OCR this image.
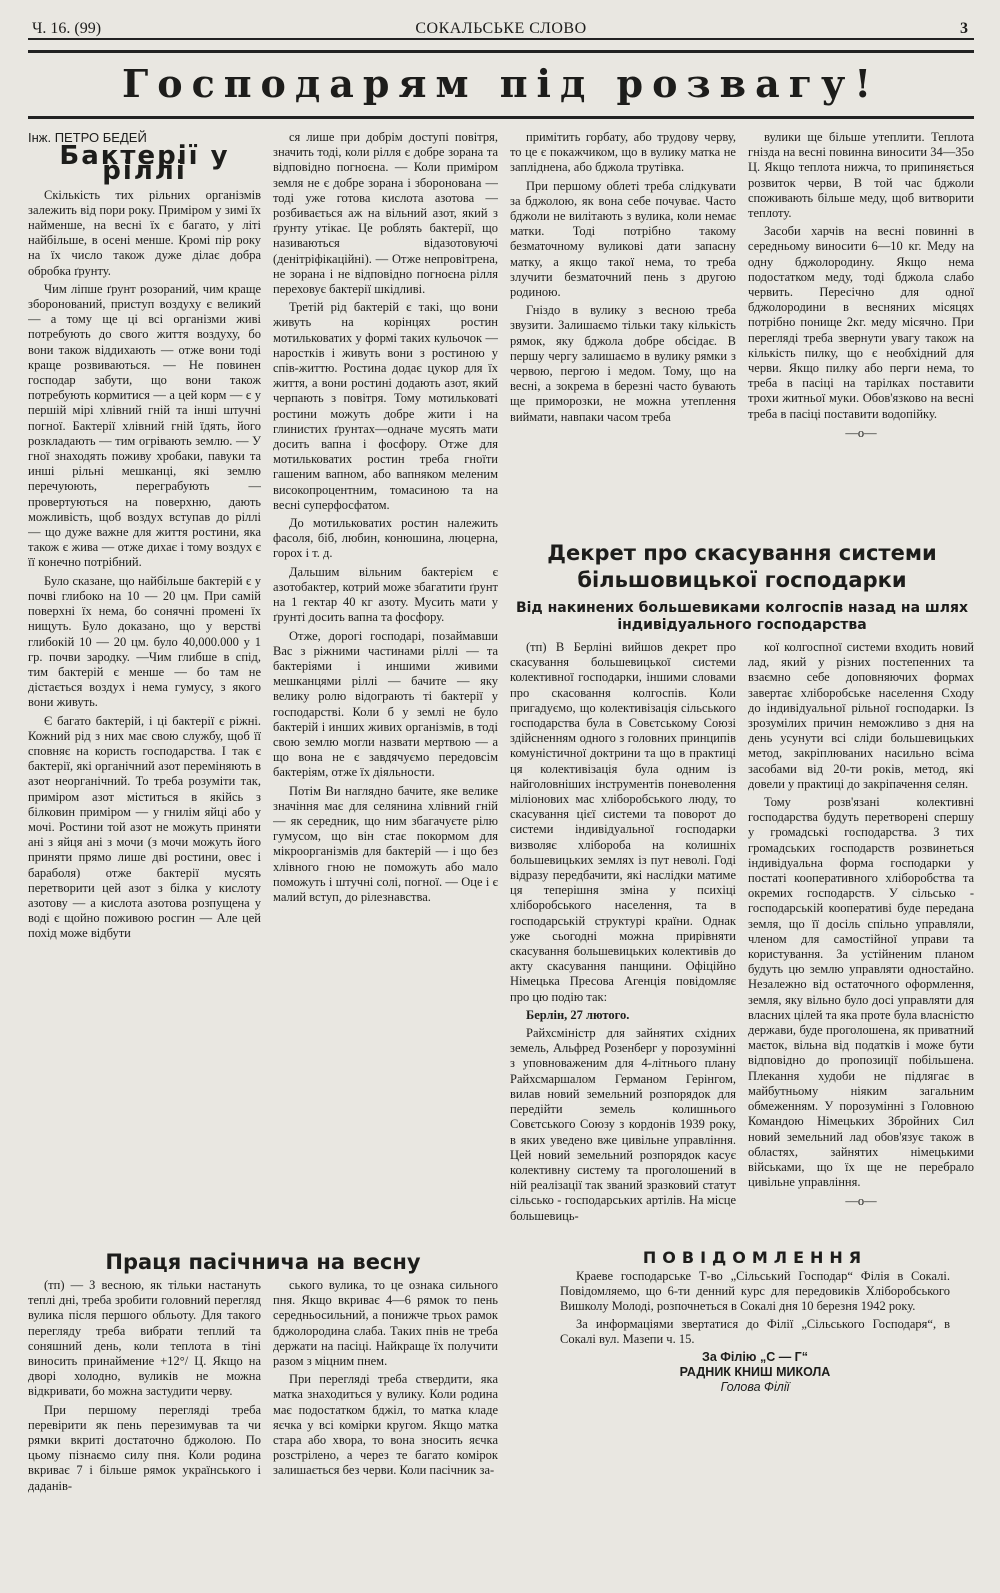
Ч. 16. (99)	СОКАЛЬСЬКЕ СЛОВО	3
Господарям під розвагу!
Інж. ПЕТРО БЕДЕЙ
Бактерії у ріллі

Скількість тих рільних організмів залежить від пори року. Приміром у зимі їх найменше, на весні їх є багато, у літі найбільше, в осені менше. Кромі пір року на їх число також дуже ділає добра обробка ґрунту.

Чим ліпше ґрунт розораний, чим краще зборонований, приступ воздуху є великий — а тому ще ці всі організми живі потребують до свого життя воздуху, бо вони також віддихають — отже вони тоді краще розвиваються. — Не повинен господар забути, що вони також потребують кормитися — а цей корм — є у першій мірі хлівний гній та інші штучні погної. Бактерії хлівний гній їдять, його розкладають — тим огрівають землю. — У гної знаходять поживу хробаки, павуки та инші рільні мешканці, які землю перечуюють, переграбують — провертуються на поверхню, дають можливість, щоб воздух вступав до ріллі — що дуже важне для життя ростини, яка також є жива — отже дихає і тому воздух є її конечно потрібний.

Було сказане, що найбільше бактерій є у почві глибоко на 10 — 20 цм. При самій поверхні їх нема, бо сонячні промені їх нищуть. Було доказано, що у верстві глибокій 10 — 20 цм. було 40,000.000 у 1 гр. почви зародку. —Чим глибше в спід, тим бактерій є менше — бо там не дістається воздух і нема гумусу, з якого вони живуть.

Є багато бактерій, і ці бактерії є ріжні. Кожний рід з них має свою службу, щоб її сповняє на користь господарства. І так є бактерії, які органічний азот переміняють в азот неорганічний. То треба розуміти так, приміром азот міститься в якійсь з білковин приміром — у гнилім яйці або у мочі. Ростини той азот не можуть приняти ані з яйця ані з мочи (з мочи можуть його приняти прямо лише дві ростини, овес і бараболя) отже бактерії мусять перетворити цей азот з білка у кислоту азотову — а кислота азотова розпущена у воді є щойно поживою росгин — Але цей похід може відбути

ся лише при добрім доступі повітря, значить тоді, коли рілля є добре зорана та відповідно погноєна. — Коли приміром земля не є добре зорана і зборонована — тоді уже готова кислота азотова — розбивається аж на вільний азот, який з ґрунту утікає. Це роблять бактерії, що називаються відазотовуючі (денітріфікаційні). — Отже непровітрена, не зорана і не відповідно погноєна рілля переховує бактерії шкідливі.

Третій рід бактерій є такі, що вони живуть на корінцях ростин мотильковатих у формі таких кульочок — наростків і живуть вони з ростиною у спів-життю. Ростина додає цукор для їх життя, а вони ростині додають азот, який черпають з повітря. Тому мотильковаті ростини можуть добре жити і на глинистих ґрунтах—одначе мусять мати досить вапна і фосфору. Отже для мотильковатих ростин треба гноїти гашеним вапном, або вапняком меленим високопроцентним, томасиною та на весні суперфосфатом.

До мотильковатих ростин належить фасоля, біб, любин, конюшина, люцерна, горох і т. д.

Дальшим вільним бактерієм є азотобактер, котрий може збагатити ґрунт на 1 гектар 40 кг азоту. Мусить мати у ґрунті досить вапна та фосфору.

Отже, дорогі господарі, позаймавши Вас з ріжними частинами ріллі — та бактеріями і иншими живими мешканцями ріллі — бачите — яку велику ролю відограють ті бактерії у господарстві. Коли б у землі не було бактерій і инших живих організмів, в тоді свою землю могли назвати мертвою — а що вона не є завдячуємо передовсім бактеріям, отже їх діяльности.

Потім Ви наглядно бачите, яке велике значіння має для селянина хлівний гній — як середник, що ним збагачуєте рілю гумусом, що він стає покормом для мікроорганізмів для бактерій — і що без хлівного гною не поможуть або мало поможуть і штучні солі, погної. — Оце і є малий вступ, до рілезнавства.

примітить горбату, або трудову черву, то це є покажчиком, що в вулику матка не запліднена, або бджола трутівка.

При першому облеті треба слідкувати за бджолою, як вона себе почуває. Часто бджоли не вилітають з вулика, коли немає матки. Тоді потрібно такому безматочному вуликові дати запасну матку, а якщо такої нема, то треба злучити безматочний пень з другою родиною.

Гніздо в вулику з весною треба звузити. Залишаємо тільки таку кількість рямок, яку бджола добре обсідає. В першу чергу залишаємо в вулику рямки з червою, пергою і медом. Тому, що на весні, а зокрема в березні часто бувають ще приморозки, не можна утеплення виймати, навпаки часом треба

вулики ще більше утеплити. Теплота гнізда на весні повинна виносити 34—35о Ц. Якщо теплота нижча, то припиняється розвиток черви, В той час бджоли споживають більше меду, щоб витворити теплоту.

Засоби харчів на весні повинні в середньому виносити 6—10 кг. Меду на одну бджолородину. Якщо нема подостатком меду, тоді бджола слабо червить. Пересічно для одної бджолородини в весняних місяцях потрібно понище 2кг. меду місячно. При перегляді треба звернути увагу також на кількість пилку, що є необхідний для черви. Якщо пилку або перги нема, то треба в пасіці на тарілках поставити трохи житньої муки. Обов'язково на весні треба в пасіці поставити водопійку.

—о—

Декрет про скасування системи більшовицької господарки
Від накинених большевиками колгоспів назад на шлях індивідуального господарства

(тп) В Берліні вийшов декрет про скасування большевицької системи колективної господарки, іншими словами про скасовання колгоспів. Коли пригадуємо, що колективізація сільського господарства була в Совєтському Союзі здійсненням одного з головних принципів комуністичної доктрини та що в практиці ця колективізація була одним із найголовніших інструментів поневолення міліонових мас хліборобського люду, то скасування цієї системи та поворот до системи індивідуальної господарки визволяє хлібороба на колишніх большевицьких землях із пут неволі. Годі відразу передбачити, які наслідки матиме ця теперішня зміна у псиxіці хліборобського населення, та в господарській структурі країни. Однак уже сьогодні можна прирівняти скасування большевицьких колективів до акту скасування панщини. Офіційно Німецька Пресова Агенція повідомляє про цю подію так:

Берлін, 27 лютого.

Райхсміністр для зайнятих східних земель, Альфред Розенберг у порозумінні з уповноваженим для 4-літнього плану Райхсмаршалом Германом Герінгом, вилав новий земельний розпорядок для передійти земель колишнього Совєтського Союзу з кордонів 1939 року, в яких уведено вже цивільне управління. Цей новий земельний розпорядок касує колективну систему та проголошений в ній реалізації так званий зразковий статут сільсько - господарських артілів. На місце большевиць-

кої колгоспної системи входить новий лад, який у різних постепенних та взаємно себе доповняючих формах завертає хліборобське населення Сходу до індивідуальної рільної господарки. Із зрозумілих причин неможливо з дня на день усунути всі сліди большевицьких метод, закріплюваних насильно всіма засобами від 20-ти років, метод, які довели у практиці до закріпачення селян.

Тому розв'язані колективні господарства будуть перетворені спершу у громадські господарства. З тих громадських господарств розвинеться індивідуальна форма господарки у постаті кооперативного хліборобства та окремих господарств. У сільсько - господарській кооперативі буде передана земля, що її досіль спільно управляли, членом для самостійної управи та користування. За устійненим планом будуть цю землю управляти одностайно. Незалежно від остаточного оформлення, земля, яку вільно було досі управляти для власних цілей та яка проте була власністю держави, буде проголошена, як приватний маєток, вільна від податків і може бути відповідно до пропозиції побільшена. Плекання худоби не підлягає в майбутньому ніяким загальним обмеженням. У порозумінні з Головною Командою Німецьких Збройних Сил новий земельний лад обов'язує також в областях, зайнятих німецькими військами, що їх ще не перебрало цивільне управління.

—о—

Праця пасічнича на весну

(тп) — З весною, як тільки настануть теплі дні, треба зробити головний перегляд вулика після першого обльоту. Для такого перегляду треба вибрати теплий та соняшний день, коли теплота в тіні виносить принаймение +12°/ Ц. Якщо на дворі холодно, вуликів не можна відкривати, бо можна застудити черву.

При першому перегляді треба перевірити як пень перезимував та чи рямки вкриті достаточно бджолою. По цьому пізнаємо силу пня. Коли родина вкриває 7 і більше рямок українського і даданів-

ського вулика, то це ознака сильного пня. Якщо вкриває 4—6 рямок то пень середньосильний, а понижче трьох рамок бджолородина слаба. Таких пнів не треба держати на пасіці. Найкраще їх получити разом з міцним пнем.

При перегляді треба ствердити, яка матка знаходиться у вулику. Коли родина має подостатком бджіл, то матка кладе яєчка у всі комірки кругом. Якщо матка стара або хвора, то вона зносить яєчка розстрілено, а через те багато комірок залишається без черви. Коли пасічник за-

ПОВІДОМЛЕННЯ

Краеве господарське Т-во „Сільський Господар“ Філія в Сокалі. Повідомляемо, що 6-ти денний курс для передовиків Хліборобського Вишколу Молоді, розпочнеться в Сокалі дня 10 березня 1942 року.

За информаціями звертатися до Філії „Сільського Господаря“, в Сокалі вул. Мазепи ч. 15.

За Філію „С — Г“
РАДНИК КНИШ МИКОЛА
Голова Філії
